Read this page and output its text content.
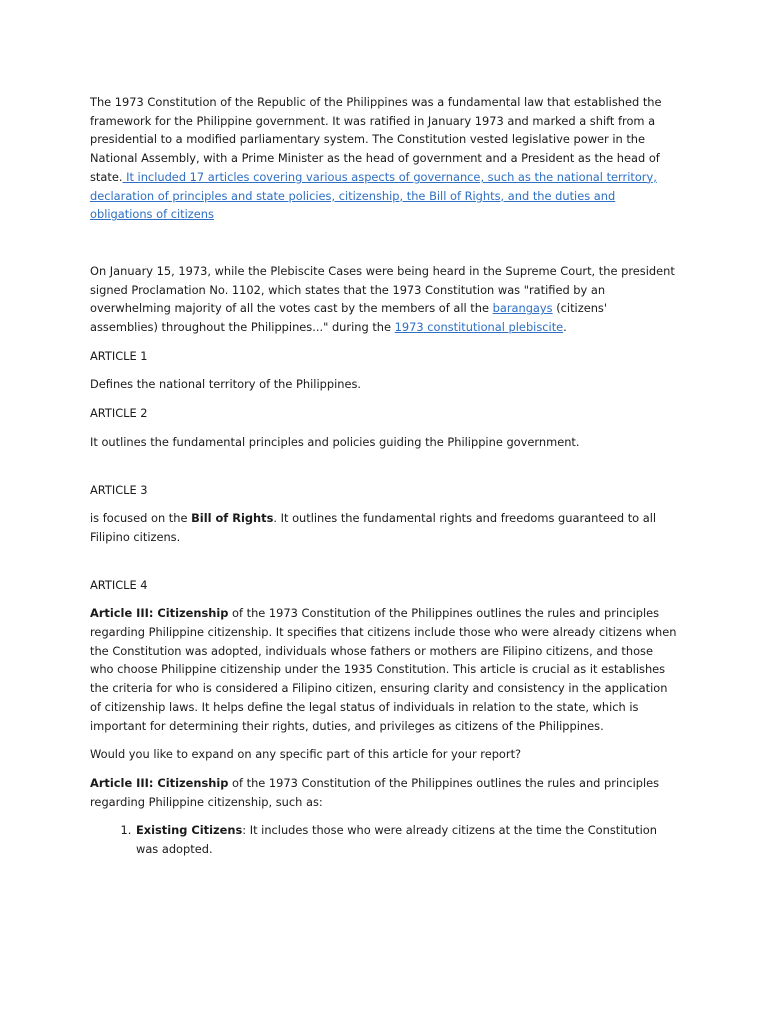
The 1973 Constitution of the Republic of the Philippines was a fundamental law that established the framework for the Philippine government. It was ratified in January 1973 and marked a shift from a presidential to a modified parliamentary system. The Constitution vested legislative power in the National Assembly, with a Prime Minister as the head of government and a President as the head of state. It included 17 articles covering various aspects of governance, such as the national territory, declaration of principles and state policies, citizenship, the Bill of Rights, and the duties and obligations of citizens

On January 15, 1973, while the Plebiscite Cases were being heard in the Supreme Court, the president signed Proclamation No. 1102, which states that the 1973 Constitution was "ratified by an overwhelming majority of all the votes cast by the members of all the barangays (citizens' assemblies) throughout the Philippines..." during the 1973 constitutional plebiscite.

ARTICLE 1

Defines the national territory of the Philippines.

ARTICLE 2

It outlines the fundamental principles and policies guiding the Philippine government.

ARTICLE 3

is focused on the Bill of Rights. It outlines the fundamental rights and freedoms guaranteed to all Filipino citizens.

ARTICLE 4

Article III: Citizenship of the 1973 Constitution of the Philippines outlines the rules and principles regarding Philippine citizenship. It specifies that citizens include those who were already citizens when the Constitution was adopted, individuals whose fathers or mothers are Filipino citizens, and those who choose Philippine citizenship under the 1935 Constitution. This article is crucial as it establishes the criteria for who is considered a Filipino citizen, ensuring clarity and consistency in the application of citizenship laws. It helps define the legal status of individuals in relation to the state, which is important for determining their rights, duties, and privileges as citizens of the Philippines.

Would you like to expand on any specific part of this article for your report?

Article III: Citizenship of the 1973 Constitution of the Philippines outlines the rules and principles regarding Philippine citizenship, such as:

1. Existing Citizens: It includes those who were already citizens at the time the Constitution was adopted.
